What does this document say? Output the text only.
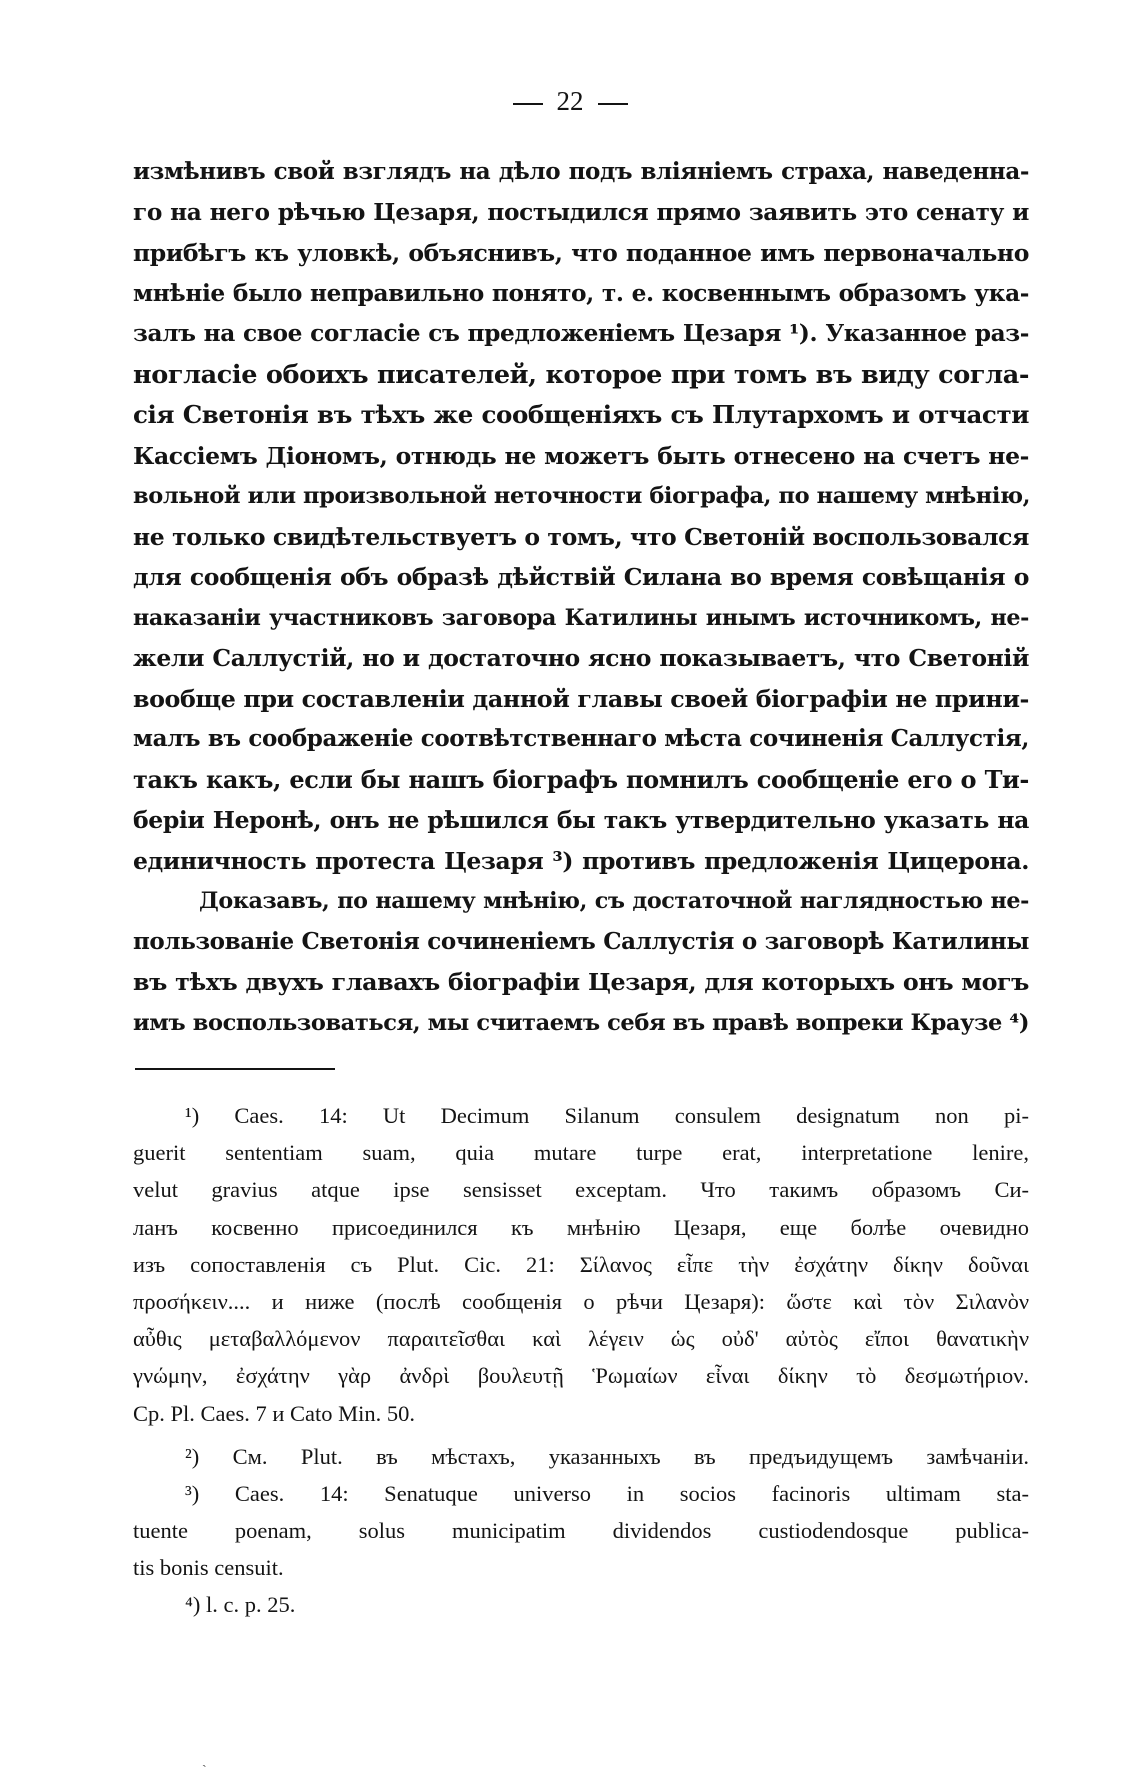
22
измѣнивъ свой взглядъ на дѣло подъ вліяніемъ страха, наведенна-
го на него рѣчью Цезаря, постыдился прямо заявить это сенату и
прибѣгъ къ уловкѣ, объяснивъ, что поданное имъ первоначально
мнѣніе было неправильно понято, т. е. косвеннымъ образомъ ука-
залъ на свое согласіе съ предложеніемъ Цезаря ¹). Указанное раз-
ногласіе обоихъ писателей, которое при томъ въ виду согла-
сія Светонія въ тѣхъ же сообщеніяхъ съ Плутархомъ и отчасти
Кассіемъ Діономъ, отнюдь не можетъ быть отнесено на счетъ не-
вольной или произвольной неточности біографа, по нашему мнѣнію,
не только свидѣтельствуетъ о томъ, что Светоній воспользовался
для сообщенія объ образѣ дѣйствій Силана во время совѣщанія о
наказаніи участниковъ заговора Катилины инымъ источникомъ, не-
жели Саллустій, но и достаточно ясно показываетъ, что Светоній
вообще при составленіи данной главы своей біографіи не прини-
малъ въ соображеніе соотвѣтственнаго мѣста сочиненія Саллустія,
такъ какъ, если бы нашъ біографъ помнилъ сообщеніе его о Ти-
беріи Неронѣ, онъ не рѣшился бы такъ утвердительно указать на
единичность протеста Цезаря ³) противъ предложенія Цицерона.
Доказавъ, по нашему мнѣнію, съ достаточной наглядностью не-
пользованіе Светонія сочиненіемъ Саллустія о заговорѣ Катилины
въ тѣхъ двухъ главахъ біографіи Цезаря, для которыхъ онъ могъ
имъ воспользоваться, мы считаемъ себя въ правѣ вопреки Краузе ⁴)
¹) Caes. 14: Ut Decimum Silanum consulem designatum non pi-
guerit sententiam suam, quia mutare turpe erat, interpretatione lenire,
velut gravius atque ipse sensisset exceptam. Что такимъ образомъ Си-
ланъ косвенно присоединился къ мнѣнію Цезаря, еще болѣе очевидно
изъ сопоставленія съ Plut. Cic. 21: Σίλανος εἶπε τὴν ἐσχάτην δίκην δοῦναι
προσήκειν.... и ниже (послѣ сообщенія о рѣчи Цезаря): ὥστε καὶ τὸν Σιλανὸν
αὖθις μεταβαλλόμενον παραιτεῖσθαι καὶ λέγειν ὡς οὐδ' αὐτὸς εἴποι θανατικὴν
γνώμην, ἐσχάτην γὰρ ἀνδρὶ βουλευτῇ Ῥωμαίων εἶναι δίκην τὸ δεσμωτήριον.
Cp. Pl. Caes. 7 и Cato Min. 50.
²) См. Plut. въ мѣстахъ, указанныхъ въ предъидущемъ замѣчаніи.
³) Caes. 14: Senatuque universo in socios facinoris ultimam sta-
tuente poenam, solus municipatim dividendos custiodendosque publica-
tis bonis censuit.
⁴) l. c. p. 25.
ˎ
